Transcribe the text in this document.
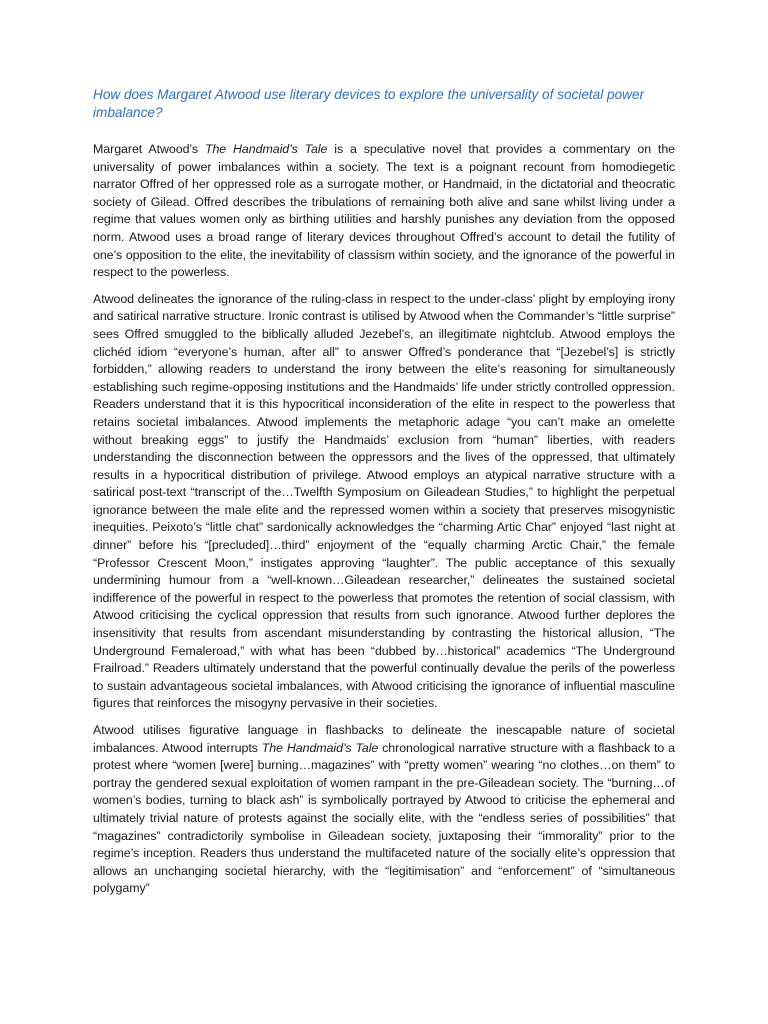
How does Margaret Atwood use literary devices to explore the universality of societal power imbalance?

Margaret Atwood’s The Handmaid’s Tale is a speculative novel that provides a commentary on the universality of power imbalances within a society. The text is a poignant recount from homodiegetic narrator Offred of her oppressed role as a surrogate mother, or Handmaid, in the dictatorial and theocratic society of Gilead. Offred describes the tribulations of remaining both alive and sane whilst living under a regime that values women only as birthing utilities and harshly punishes any deviation from the opposed norm. Atwood uses a broad range of literary devices throughout Offred’s account to detail the futility of one’s opposition to the elite, the inevitability of classism within society, and the ignorance of the powerful in respect to the powerless.

Atwood delineates the ignorance of the ruling-class in respect to the under-class’ plight by employing irony and satirical narrative structure. Ironic contrast is utilised by Atwood when the Commander’s “little surprise” sees Offred smuggled to the biblically alluded Jezebel’s, an illegitimate nightclub. Atwood employs the clichéd idiom “everyone’s human, after all” to answer Offred’s ponderance that “[Jezebel’s] is strictly forbidden,” allowing readers to understand the irony between the elite’s reasoning for simultaneously establishing such regime-opposing institutions and the Handmaids’ life under strictly controlled oppression. Readers understand that it is this hypocritical inconsideration of the elite in respect to the powerless that retains societal imbalances. Atwood implements the metaphoric adage “you can’t make an omelette without breaking eggs” to justify the Handmaids’ exclusion from “human” liberties, with readers understanding the disconnection between the oppressors and the lives of the oppressed, that ultimately results in a hypocritical distribution of privilege. Atwood employs an atypical narrative structure with a satirical post-text “transcript of the…Twelfth Symposium on Gileadean Studies,” to highlight the perpetual ignorance between the male elite and the repressed women within a society that preserves misogynistic inequities. Peixoto’s “little chat” sardonically acknowledges the “charming Artic Char” enjoyed “last night at dinner” before his “[precluded]…third” enjoyment of the “equally charming Arctic Chair,” the female “Professor Crescent Moon,” instigates approving “laughter”. The public acceptance of this sexually undermining humour from a “well-known…Gileadean researcher,” delineates the sustained societal indifference of the powerful in respect to the powerless that promotes the retention of social classism, with Atwood criticising the cyclical oppression that results from such ignorance. Atwood further deplores the insensitivity that results from ascendant misunderstanding by contrasting the historical allusion, “The Underground Femaleroad,” with what has been “dubbed by…historical” academics “The Underground Frailroad.” Readers ultimately understand that the powerful continually devalue the perils of the powerless to sustain advantageous societal imbalances, with Atwood criticising the ignorance of influential masculine figures that reinforces the misogyny pervasive in their societies.

Atwood utilises figurative language in flashbacks to delineate the inescapable nature of societal imbalances. Atwood interrupts The Handmaid’s Tale chronological narrative structure with a flashback to a protest where “women [were] burning…magazines” with “pretty women” wearing “no clothes…on them” to portray the gendered sexual exploitation of women rampant in the pre-Gileadean society. The “burning…of women’s bodies, turning to black ash” is symbolically portrayed by Atwood to criticise the ephemeral and ultimately trivial nature of protests against the socially elite, with the “endless series of possibilities” that “magazines” contradictorily symbolise in Gileadean society, juxtaposing their “immorality” prior to the regime’s inception. Readers thus understand the multifaceted nature of the socially elite’s oppression that allows an unchanging societal hierarchy, with the “legitimisation” and “enforcement” of “simultaneous polygamy”
